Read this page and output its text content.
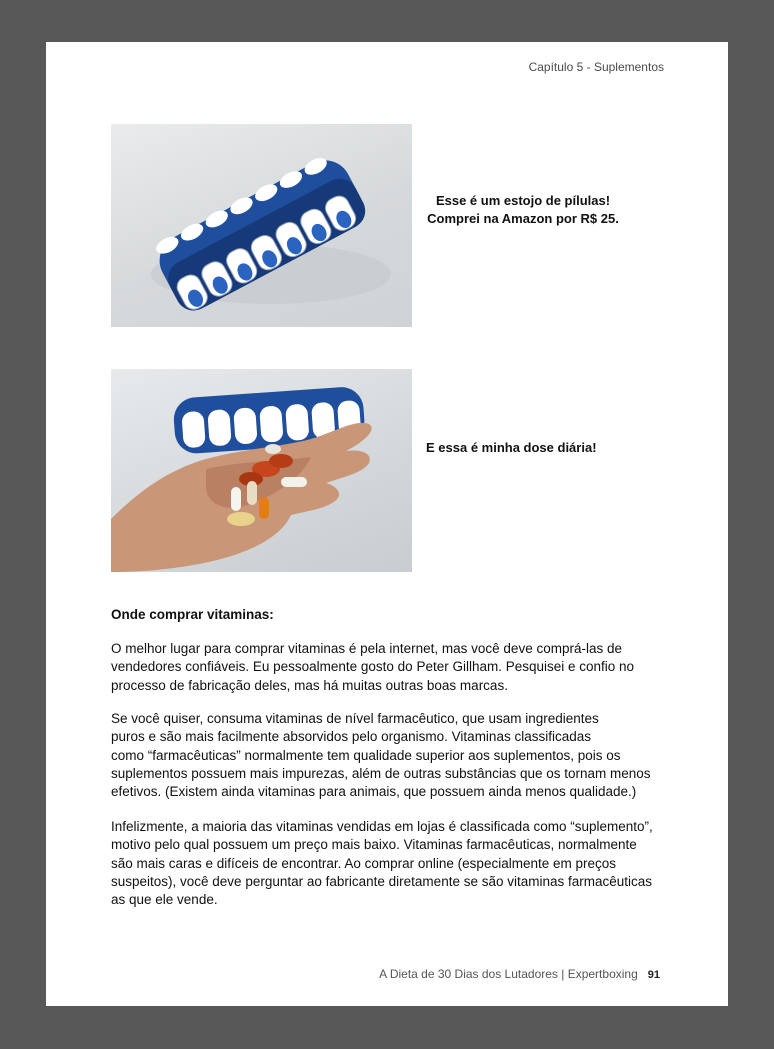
Capítulo 5 - Suplementos
Esse é um estojo de pílulas!
Comprei na Amazon por R$ 25.
E essa é minha dose diária!
Onde comprar vitaminas:

O melhor lugar para comprar vitaminas é pela internet, mas você deve comprá-las de
vendedores confiáveis. Eu pessoalmente gosto do Peter Gillham. Pesquisei e confio no
processo de fabricação deles, mas há muitas outras boas marcas.

Se você quiser, consuma vitaminas de nível farmacêutico, que usam ingredientes
puros e são mais facilmente absorvidos pelo organismo. Vitaminas classificadas
como “farmacêuticas” normalmente tem qualidade superior aos suplementos, pois os
suplementos possuem mais impurezas, além de outras substâncias que os tornam menos
efetivos. (Existem ainda vitaminas para animais, que possuem ainda menos qualidade.)

Infelizmente, a maioria das vitaminas vendidas em lojas é classificada como “suplemento”,
motivo pelo qual possuem um preço mais baixo. Vitaminas farmacêuticas, normalmente
são mais caras e difíceis de encontrar. Ao comprar online (especialmente em preços
suspeitos), você deve perguntar ao fabricante diretamente se são vitaminas farmacêuticas
as que ele vende.

A Dieta de 30 Dias dos Lutadores | Expertboxing 91
